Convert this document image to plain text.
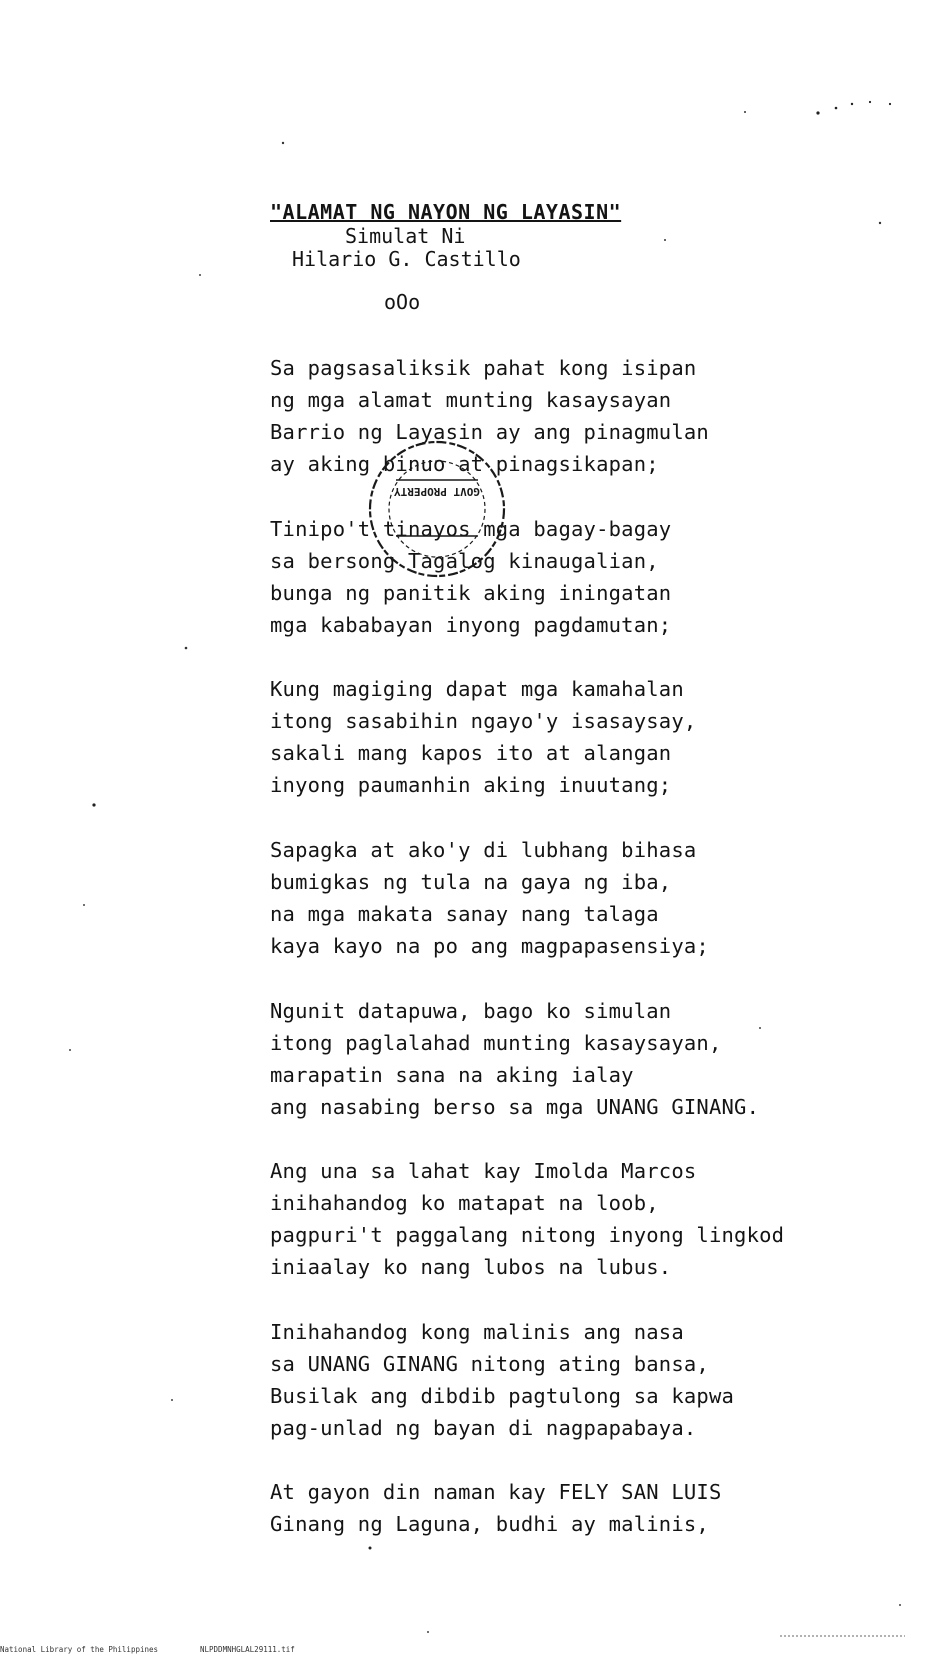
"ALAMAT NG NAYON NG LAYASIN"
Simulat Ni
Hilario G. Castillo
oOo
Sa pagsasaliksik pahat kong isipan
ng mga alamat munting kasaysayan
Barrio ng Layasin ay ang pinagmulan
ay aking binuo at pinagsikapan;
Tinipo't tinayos mga bagay-bagay
sa bersong Tagalog kinaugalian,
bunga ng panitik aking iningatan
mga kababayan inyong pagdamutan;
Kung magiging dapat mga kamahalan
itong sasabihin ngayo'y isasaysay,
sakali mang kapos ito at alangan
inyong paumanhin aking inuutang;
Sapagka at ako'y di lubhang bihasa
bumigkas ng tula na gaya ng iba,
na mga makata sanay nang talaga
kaya kayo na po ang magpapasensiya;
Ngunit datapuwa, bago ko simulan
itong paglalahad munting kasaysayan,
marapatin sana na aking ialay
ang nasabing berso sa mga UNANG GINANG.
Ang una sa lahat kay Imolda Marcos
inihahandog ko matapat na loob,
pagpuri't paggalang nitong inyong lingkod
iniaalay ko nang lubos na lubus.
Inihahandog kong malinis ang nasa
sa UNANG GINANG nitong ating bansa,
Busilak ang dibdib pagtulong sa kapwa
pag-unlad ng bayan di nagpapabaya.
At gayon din naman kay FELY SAN LUIS
Ginang ng Laguna, budhi ay malinis,
GOVT PROPERTY
National Library of the Philippines	NLPDDMNHGLAL29111.tif
